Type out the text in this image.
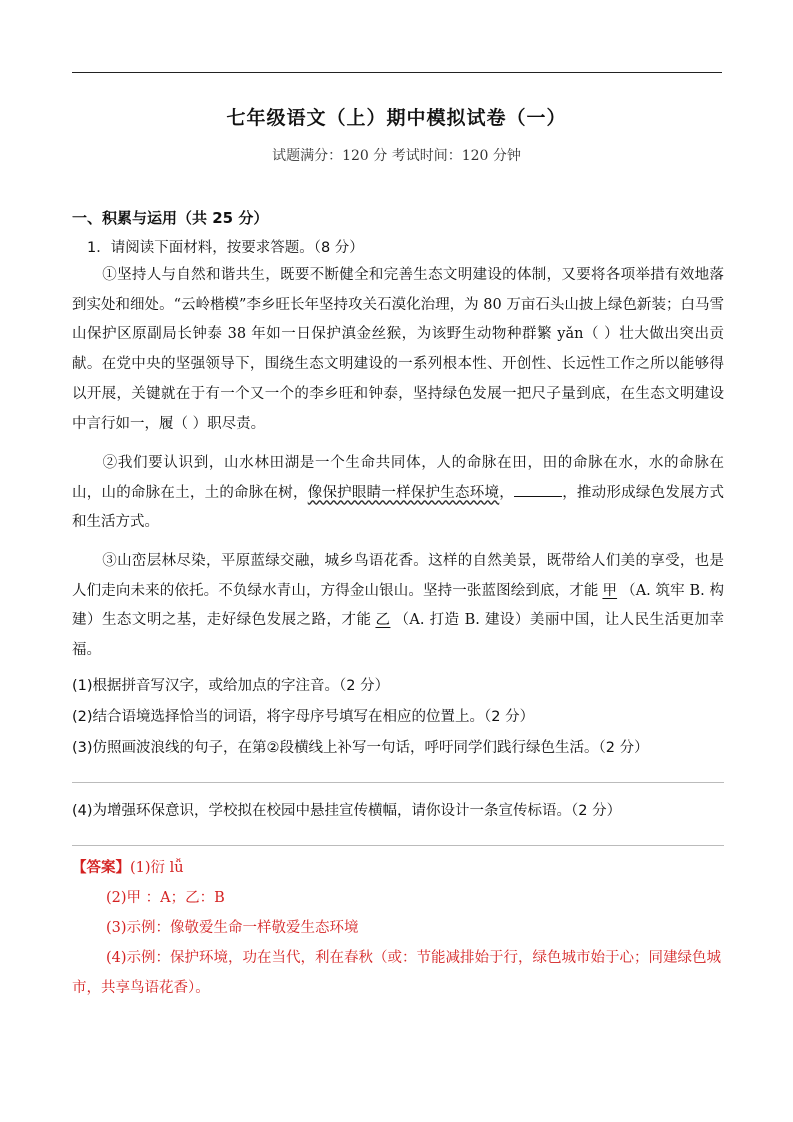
七年级语文（上）期中模拟试卷（一）
试题满分：120 分 考试时间：120 分钟
一、积累与运用（共 25 分）
1．请阅读下面材料，按要求答题。（8 分）
①坚持人与自然和谐共生，既要不断健全和完善生态文明建设的体制，又要将各项举措有效地落到实处和细处。“云岭楷模”李乡旺长年坚持攻关石漠化治理，为 80 万亩石头山披上绿色新装；白马雪山保护区原副局长钟泰 38 年如一日保护滇金丝猴，为该野生动物种群繁 yǎn（ ）壮大做出突出贡献。在党中央的坚强领导下，围绕生态文明建设的一系列根本性、开创性、长远性工作之所以能够得以开展，关键就在于有一个又一个的李乡旺和钟泰，坚持绿色发展一把尺子量到底，在生态文明建设中言行如一，履（ ）职尽责。
②我们要认识到，山水林田湖是一个生命共同体，人的命脉在田，田的命脉在水，水的命脉在山，山的命脉在土，土的命脉在树，像保护眼睛一样保护生态环境，	，推动形成绿色发展方式和生活方式。
③山峦层林尽染，平原蓝绿交融，城乡鸟语花香。这样的自然美景，既带给人们美的享受，也是人们走向未来的依托。不负绿水青山，方得金山银山。坚持一张蓝图绘到底，才能 甲 （A. 筑牢 B. 构建）生态文明之基，走好绿色发展之路，才能 乙 （A. 打造 B. 建设）美丽中国，让人民生活更加幸福。
(1)根据拼音写汉字，或给加点的字注音。（2 分）
(2)结合语境选择恰当的词语，将字母序号填写在相应的位置上。（2 分）
(3)仿照画波浪线的句子，在第②段横线上补写一句话，呼吁同学们践行绿色生活。（2 分）
(4)为增强环保意识，学校拟在校园中悬挂宣传横幅，请你设计一条宣传标语。（2 分）
【答案】(1)衍 lǚ
(2)甲 ：A；乙：B
(3)示例：像敬爱生命一样敬爱生态环境
(4)示例：保护环境，功在当代，利在春秋（或：节能减排始于行，绿色城市始于心；同建绿色城市，共享鸟语花香）。
